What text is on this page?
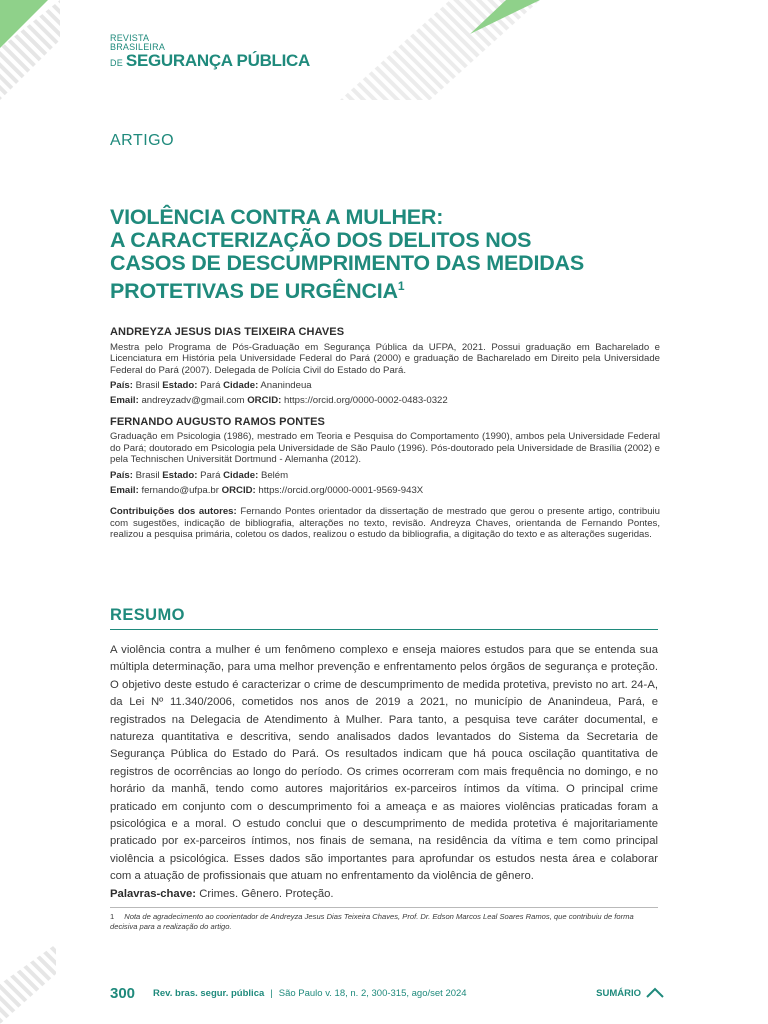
REVISTA
BRASILEIRA
DE SEGURANÇA PÚBLICA
ARTIGO
VIOLÊNCIA CONTRA A MULHER:
A CARACTERIZAÇÃO DOS DELITOS NOS
CASOS DE DESCUMPRIMENTO DAS MEDIDAS
PROTETIVAS DE URGÊNCIA$^1$
ANDREYZA JESUS DIAS TEIXEIRA CHAVES
Mestra pelo Programa de Pós-Graduação em Segurança Pública da UFPA, 2021. Possui graduação em Bacharelado e Licenciatura em História pela Universidade Federal do Pará (2000) e graduação de Bacharelado em Direito pela Universidade Federal do Pará (2007). Delegada de Polícia Civil do Estado do Pará.
País: Brasil Estado: Pará Cidade: Ananindeua
Email: andreyzadv@gmail.com ORCID: https://orcid.org/0000-0002-0483-0322
FERNANDO AUGUSTO RAMOS PONTES
Graduação em Psicologia (1986), mestrado em Teoria e Pesquisa do Comportamento (1990), ambos pela Universidade Federal do Pará; doutorado em Psicologia pela Universidade de São Paulo (1996). Pós-doutorado pela Universidade de Brasília (2002) e pela Technischen Universität Dortmund - Alemanha (2012).
País: Brasil Estado: Pará Cidade: Belém
Email: fernando@ufpa.br ORCID: https://orcid.org/0000-0001-9569-943X
Contribuições dos autores: Fernando Pontes orientador da dissertação de mestrado que gerou o presente artigo, contribuiu com sugestões, indicação de bibliografia, alterações no texto, revisão. Andreyza Chaves, orientanda de Fernando Pontes, realizou a pesquisa primária, coletou os dados, realizou o estudo da bibliografia, a digitação do texto e as alterações sugeridas.
RESUMO
A violência contra a mulher é um fenômeno complexo e enseja maiores estudos para que se entenda sua múltipla determinação, para uma melhor prevenção e enfrentamento pelos órgãos de segurança e proteção. O objetivo deste estudo é caracterizar o crime de descumprimento de medida protetiva, previsto no art. 24-A, da Lei Nº 11.340/2006, cometidos nos anos de 2019 a 2021, no município de Ananindeua, Pará, e registrados na Delegacia de Atendimento à Mulher. Para tanto, a pesquisa teve caráter documental, e natureza quantitativa e descritiva, sendo analisados dados levantados do Sistema da Secretaria de Segurança Pública do Estado do Pará. Os resultados indicam que há pouca oscilação quantitativa de registros de ocorrências ao longo do período. Os crimes ocorreram com mais frequência no domingo, e no horário da manhã, tendo como autores majoritários ex-parceiros íntimos da vítima. O principal crime praticado em conjunto com o descumprimento foi a ameaça e as maiores violências praticadas foram a psicológica e a moral. O estudo conclui que o descumprimento de medida protetiva é majoritariamente praticado por ex-parceiros íntimos, nos finais de semana, na residência da vítima e tem como principal violência a psicológica. Esses dados são importantes para aprofundar os estudos nesta área e colaborar com a atuação de profissionais que atuam no enfrentamento da violência de gênero.
Palavras-chave: Crimes. Gênero. Proteção.
1 Nota de agradecimento ao coorientador de Andreyza Jesus Dias Teixeira Chaves, Prof. Dr. Edson Marcos Leal Soares Ramos, que contribuiu de forma decisiva para a realização do artigo.
300 Rev. bras. segur. pública | São Paulo v. 18, n. 2, 300-315, ago/set 2024	SUMÁRIO
